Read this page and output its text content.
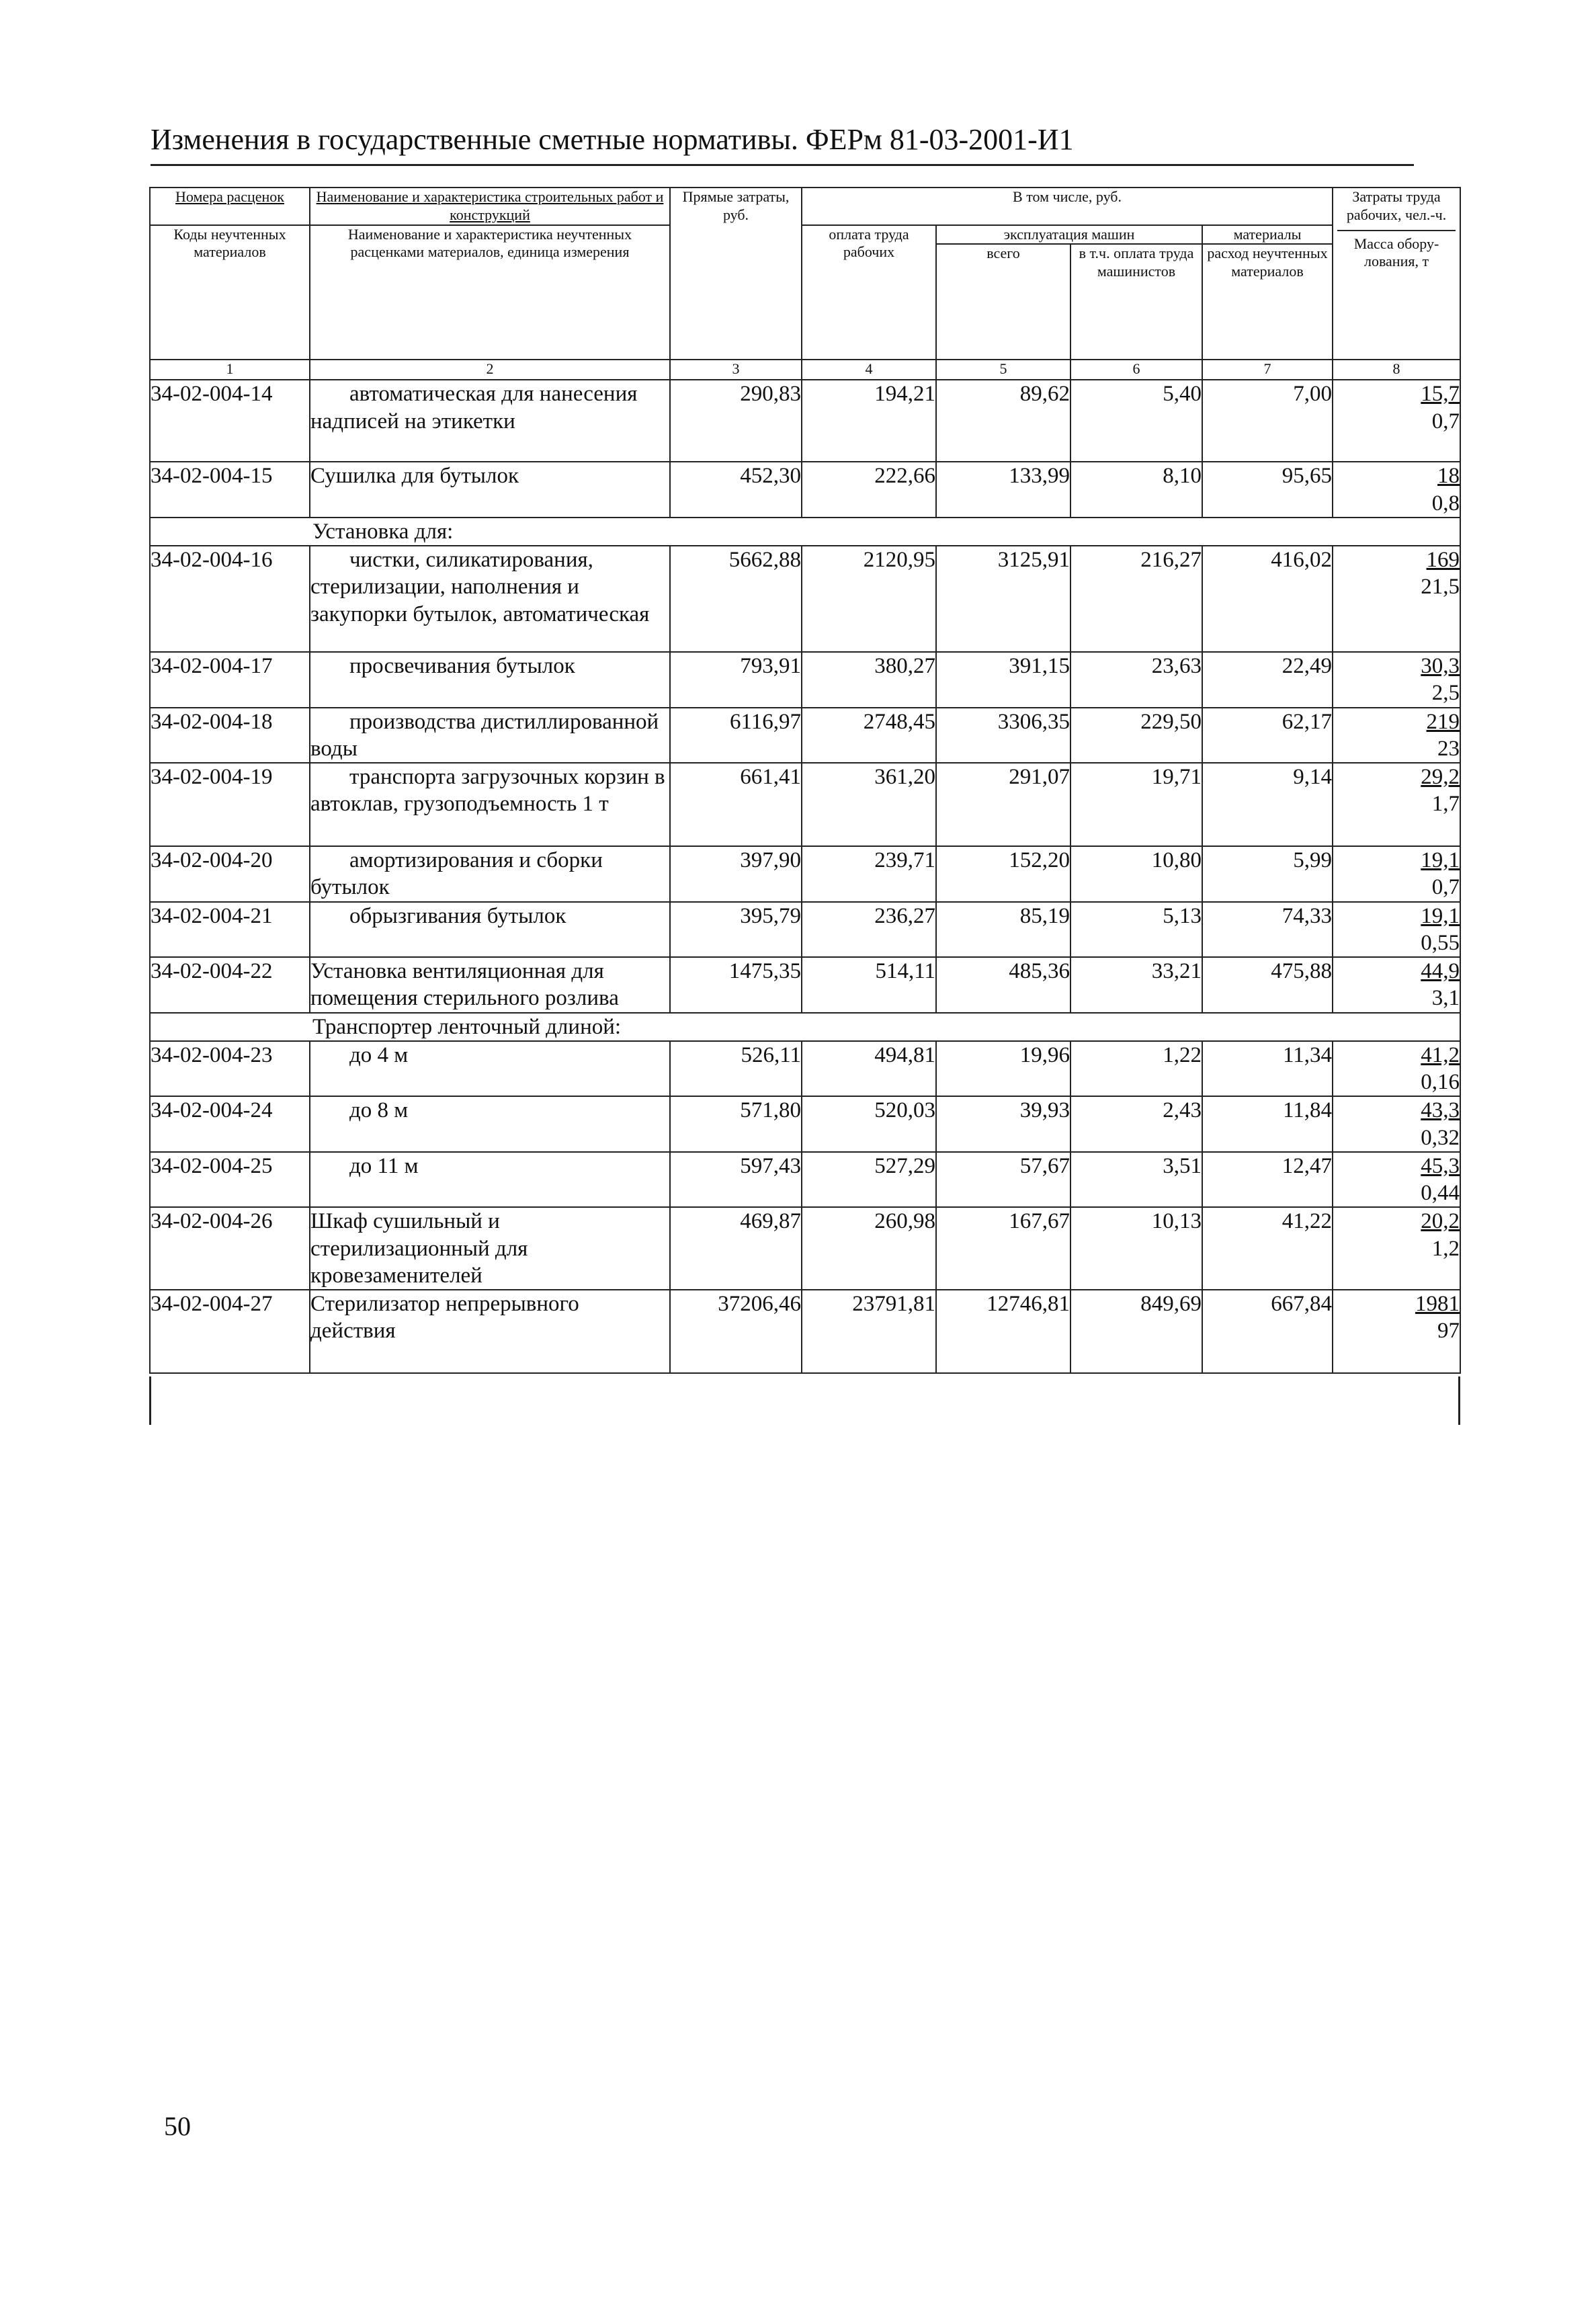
Изменения в государственные сметные нормативы. ФЕРм 81-03-2001-И1
Номера расценок	Наименование и характеристика строительных работ и конструкций	Прямые затраты, руб.	В том числе, руб.				Затраты труда рабочих, чел.-ч.
Масса обору-лования, т
Коды неучтенных материалов	Наименование и характеристика неучтенных расценками материалов, единица измерения		оплата труда рабочих	эксплуатация машин		материалы	
				всего	в т.ч. оплата труда машинистов	расход неучтенных материалов	
1	2	3	4	5	6	7	8
34-02-004-14	автоматическая для нанесения надписей на этикетки	290,83	194,21	89,62	5,40	7,00	15,7
0,7

34-02-004-15	Сушилка для бутылок	452,30	222,66	133,99	8,10	95,65	18
0,8

	Установка для:						
34-02-004-16	чистки, силикатирования, стерилизации, наполнения и закупорки бутылок, автоматическая	5662,88	2120,95	3125,91	216,27	416,02	169
21,5

34-02-004-17	просвечивания бутылок	793,91	380,27	391,15	23,63	22,49	30,3
2,5

34-02-004-18	производства дистиллированной воды	6116,97	2748,45	3306,35	229,50	62,17	219
23

34-02-004-19	транспорта загрузочных корзин в автоклав, грузоподъемность 1 т	661,41	361,20	291,07	19,71	9,14	29,2
1,7

34-02-004-20	амортизирования и сборки бутылок	397,90	239,71	152,20	10,80	5,99	19,1
0,7

34-02-004-21	обрызгивания бутылок	395,79	236,27	85,19	5,13	74,33	19,1
0,55

34-02-004-22	Установка вентиляционная для помещения стерильного розлива	1475,35	514,11	485,36	33,21	475,88	44,9
3,1

	Транспортер ленточный длиной:						
34-02-004-23	до 4 м	526,11	494,81	19,96	1,22	11,34	41,2
0,16

34-02-004-24	до 8 м	571,80	520,03	39,93	2,43	11,84	43,3
0,32

34-02-004-25	до 11 м	597,43	527,29	57,67	3,51	12,47	45,3
0,44

34-02-004-26	Шкаф сушильный и стерилизационный для кровезаменителей	469,87	260,98	167,67	10,13	41,22	20,2
1,2

34-02-004-27	Стерилизатор непрерывного действия	37206,46	23791,81	12746,81	849,69	667,84	1981
97
50
